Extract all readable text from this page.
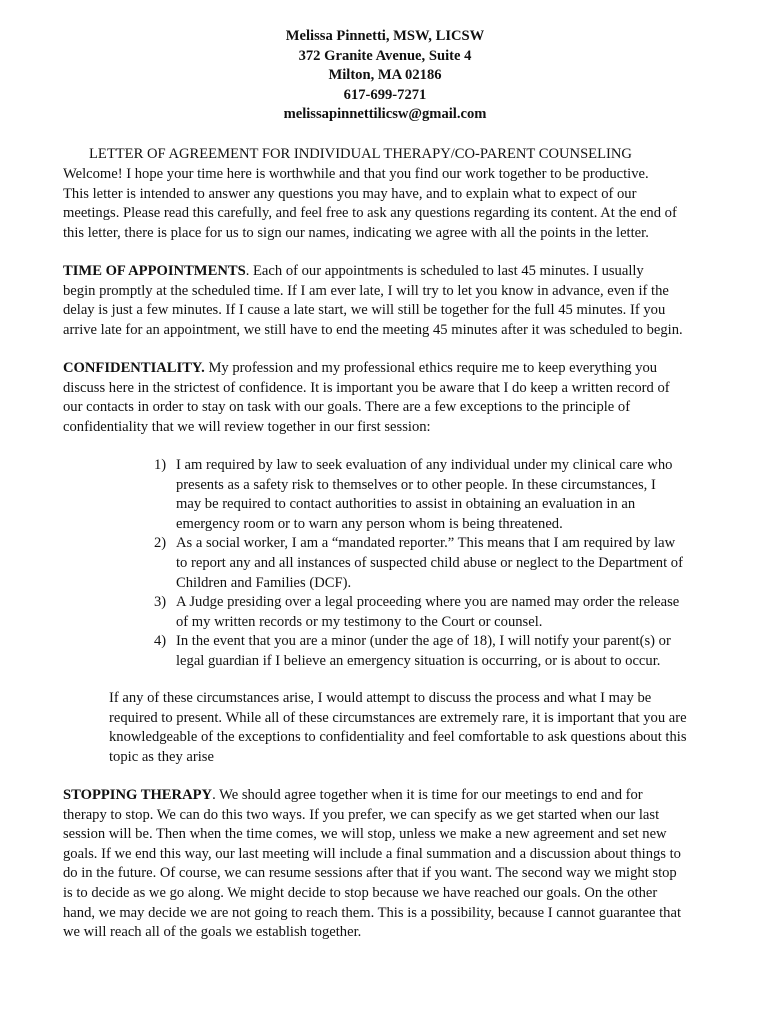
Melissa Pinnetti, MSW, LICSW
372 Granite Avenue, Suite 4
Milton, MA 02186
617-699-7271
melissapinnettilicsw@gmail.com
LETTER OF AGREEMENT FOR INDIVIDUAL THERAPY/CO-PARENT COUNSELING
Welcome! I hope your time here is worthwhile and that you find our work together to be productive.
This letter is intended to answer any questions you may have, and to explain what to expect of our
meetings. Please read this carefully, and feel free to ask any questions regarding its content. At the end of
this letter, there is place for us to sign our names, indicating we agree with all the points in the letter.
TIME OF APPOINTMENTS. Each of our appointments is scheduled to last 45 minutes. I usually
begin promptly at the scheduled time. If I am ever late, I will try to let you know in advance, even if the
delay is just a few minutes. If I cause a late start, we will still be together for the full 45 minutes. If you
arrive late for an appointment, we still have to end the meeting 45 minutes after it was scheduled to begin.
CONFIDENTIALITY. My profession and my professional ethics require me to keep everything you
discuss here in the strictest of confidence. It is important you be aware that I do keep a written record of
our contacts in order to stay on task with our goals. There are a few exceptions to the principle of
confidentiality that we will review together in our first session:
1) I am required by law to seek evaluation of any individual under my clinical care who
presents as a safety risk to themselves or to other people. In these circumstances, I
may be required to contact authorities to assist in obtaining an evaluation in an
emergency room or to warn any person whom is being threatened.
2) As a social worker, I am a “mandated reporter.” This means that I am required by law
to report any and all instances of suspected child abuse or neglect to the Department of
Children and Families (DCF).
3) A Judge presiding over a legal proceeding where you are named may order the release
of my written records or my testimony to the Court or counsel.
4) In the event that you are a minor (under the age of 18), I will notify your parent(s) or
legal guardian if I believe an emergency situation is occurring, or is about to occur.
If any of these circumstances arise, I would attempt to discuss the process and what I may be
required to present. While all of these circumstances are extremely rare, it is important that you are
knowledgeable of the exceptions to confidentiality and feel comfortable to ask questions about this
topic as they arise
STOPPING THERAPY. We should agree together when it is time for our meetings to end and for
therapy to stop. We can do this two ways. If you prefer, we can specify as we get started when our last
session will be. Then when the time comes, we will stop, unless we make a new agreement and set new
goals. If we end this way, our last meeting will include a final summation and a discussion about things to
do in the future. Of course, we can resume sessions after that if you want. The second way we might stop
is to decide as we go along. We might decide to stop because we have reached our goals. On the other
hand, we may decide we are not going to reach them. This is a possibility, because I cannot guarantee that
we will reach all of the goals we establish together.
